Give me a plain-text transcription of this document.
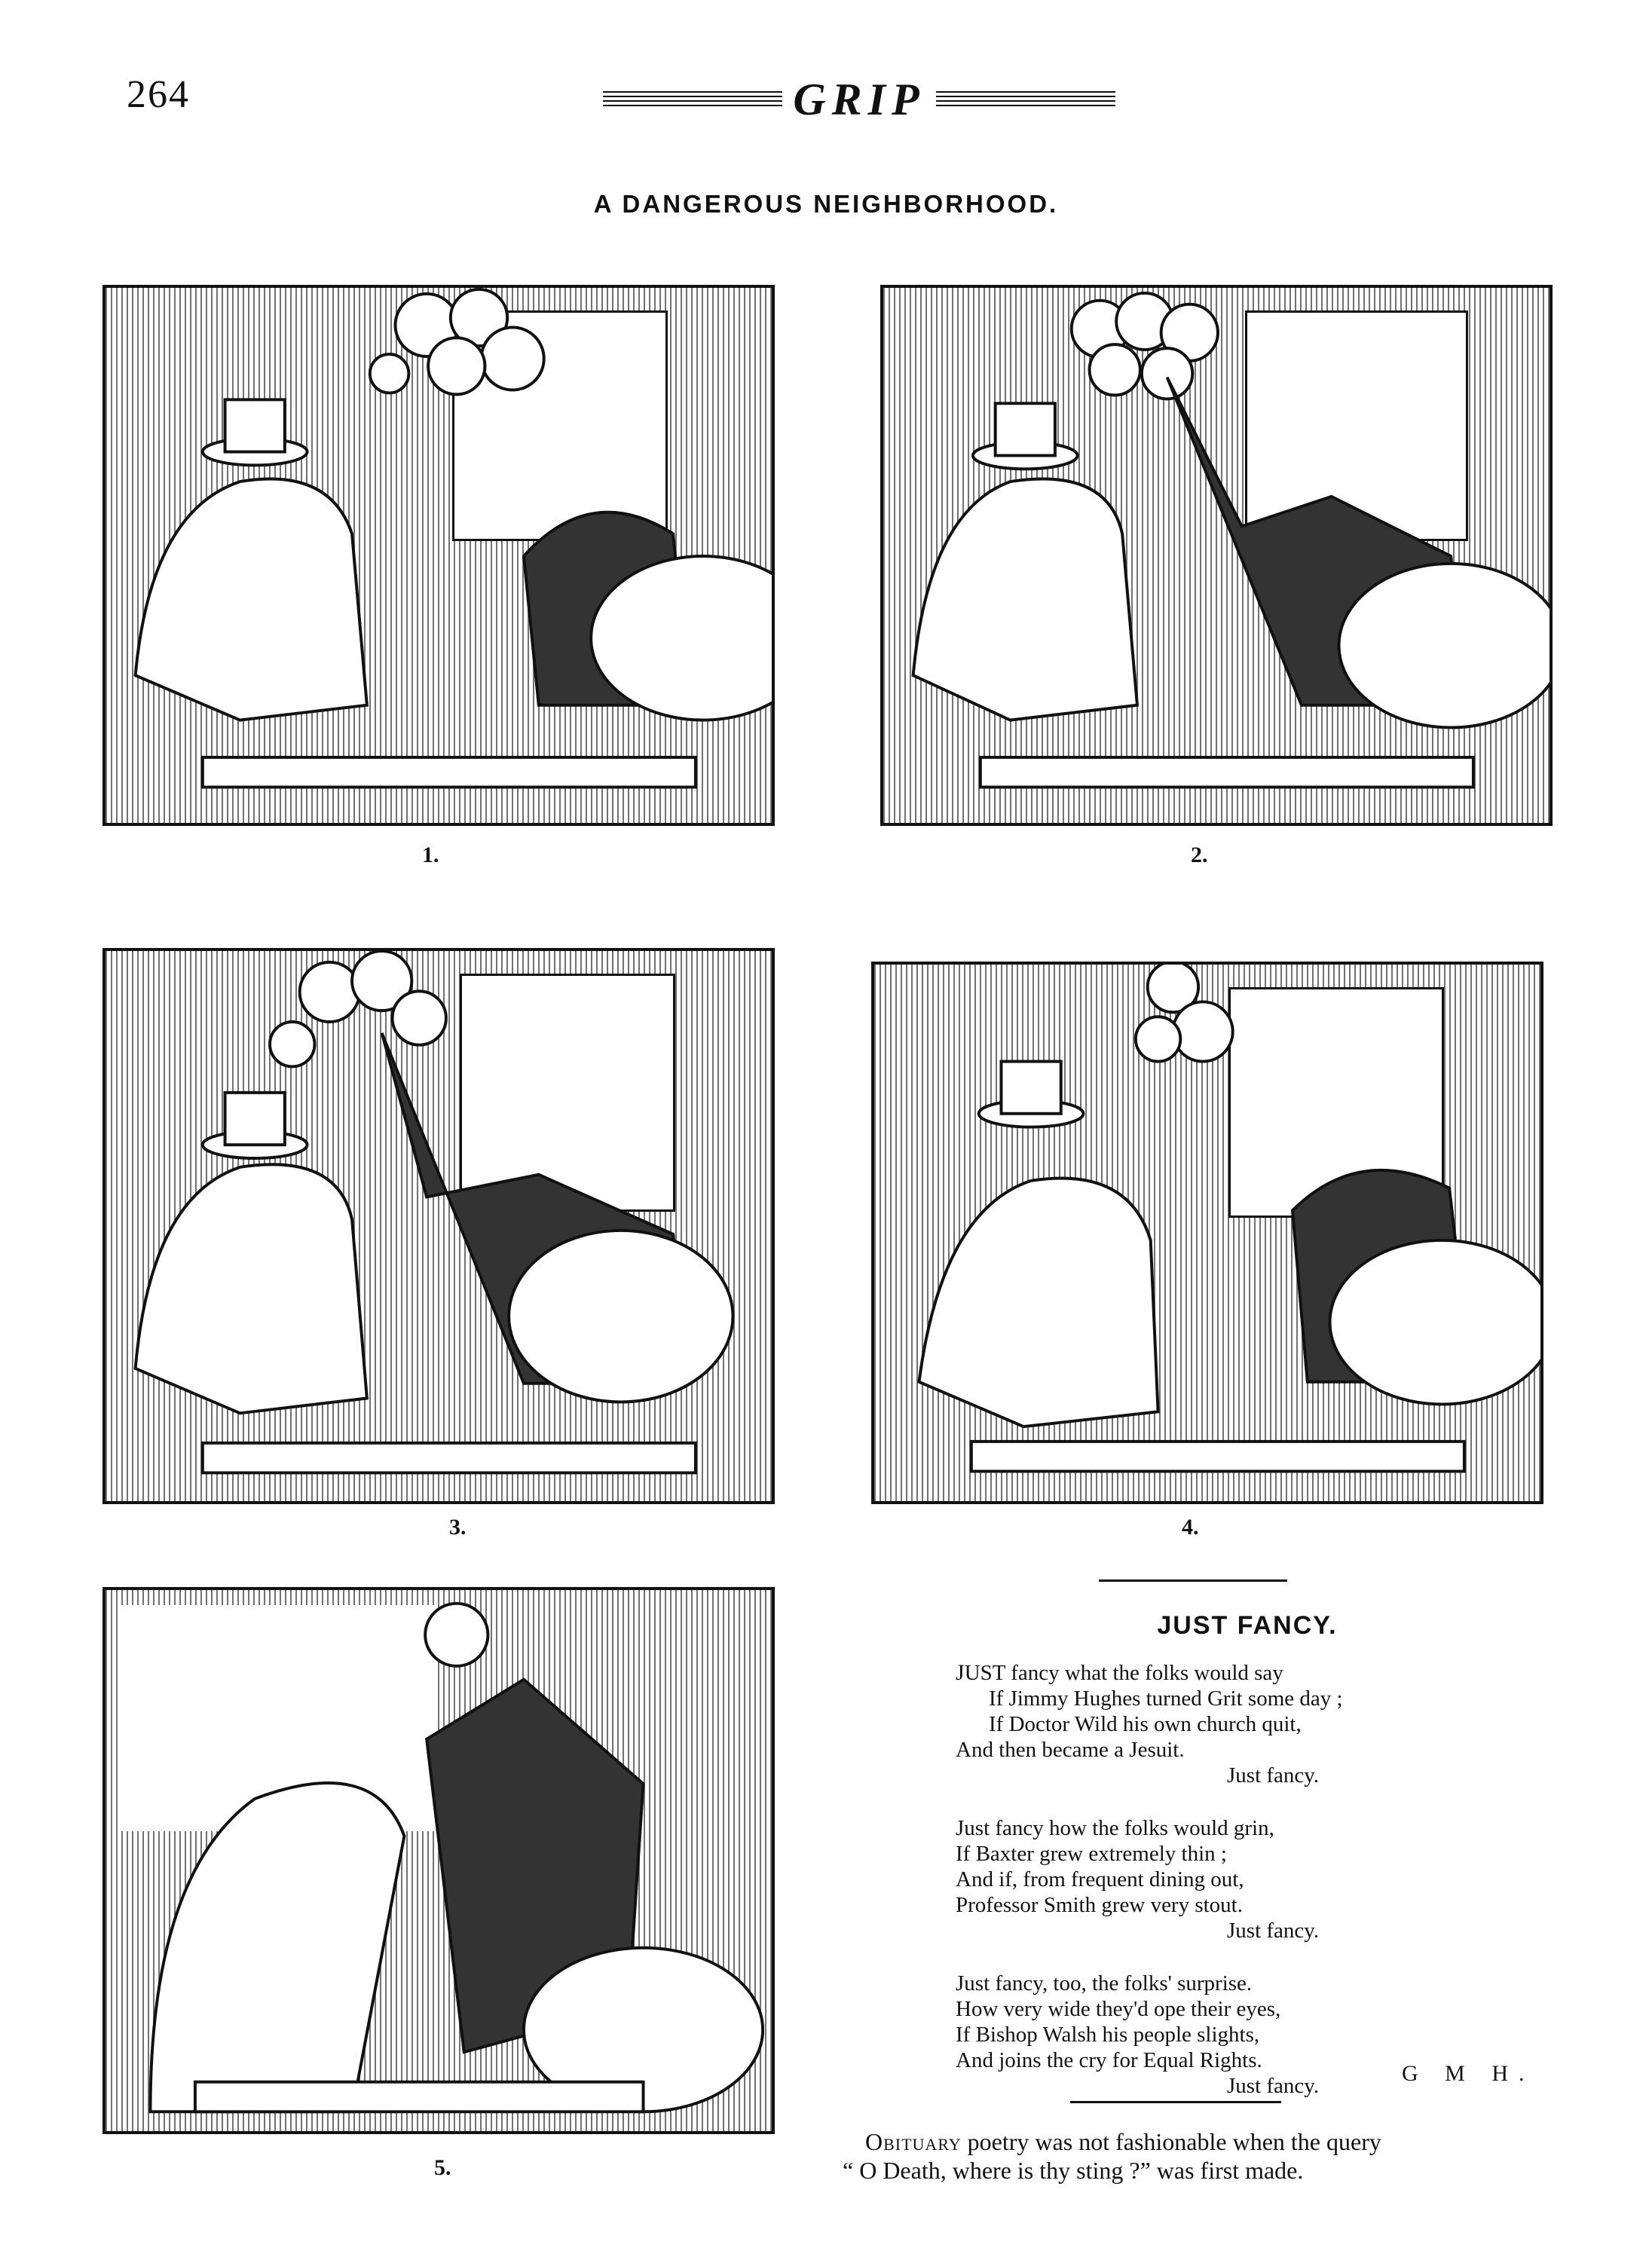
264	GRIP
A DANGEROUS NEIGHBORHOOD.
1.	2.
3.	4.
5.
JUST FANCY.
JUST fancy what the folks would say
If Jimmy Hughes turned Grit some day ;
If Doctor Wild his own church quit,
And then became a Jesuit.
Just fancy.
Just fancy how the folks would grin,
If Baxter grew extremely thin ;
And if, from frequent dining out,
Professor Smith grew very stout.
Just fancy.
Just fancy, too, the folks' surprise.
How very wide they'd ope their eyes,
If Bishop Walsh his people slights,
And joins the cry for Equal Rights.
Just fancy.	G M H.
Obituary poetry was not fashionable when the query
“ O Death, where is thy sting ?” was first made.
